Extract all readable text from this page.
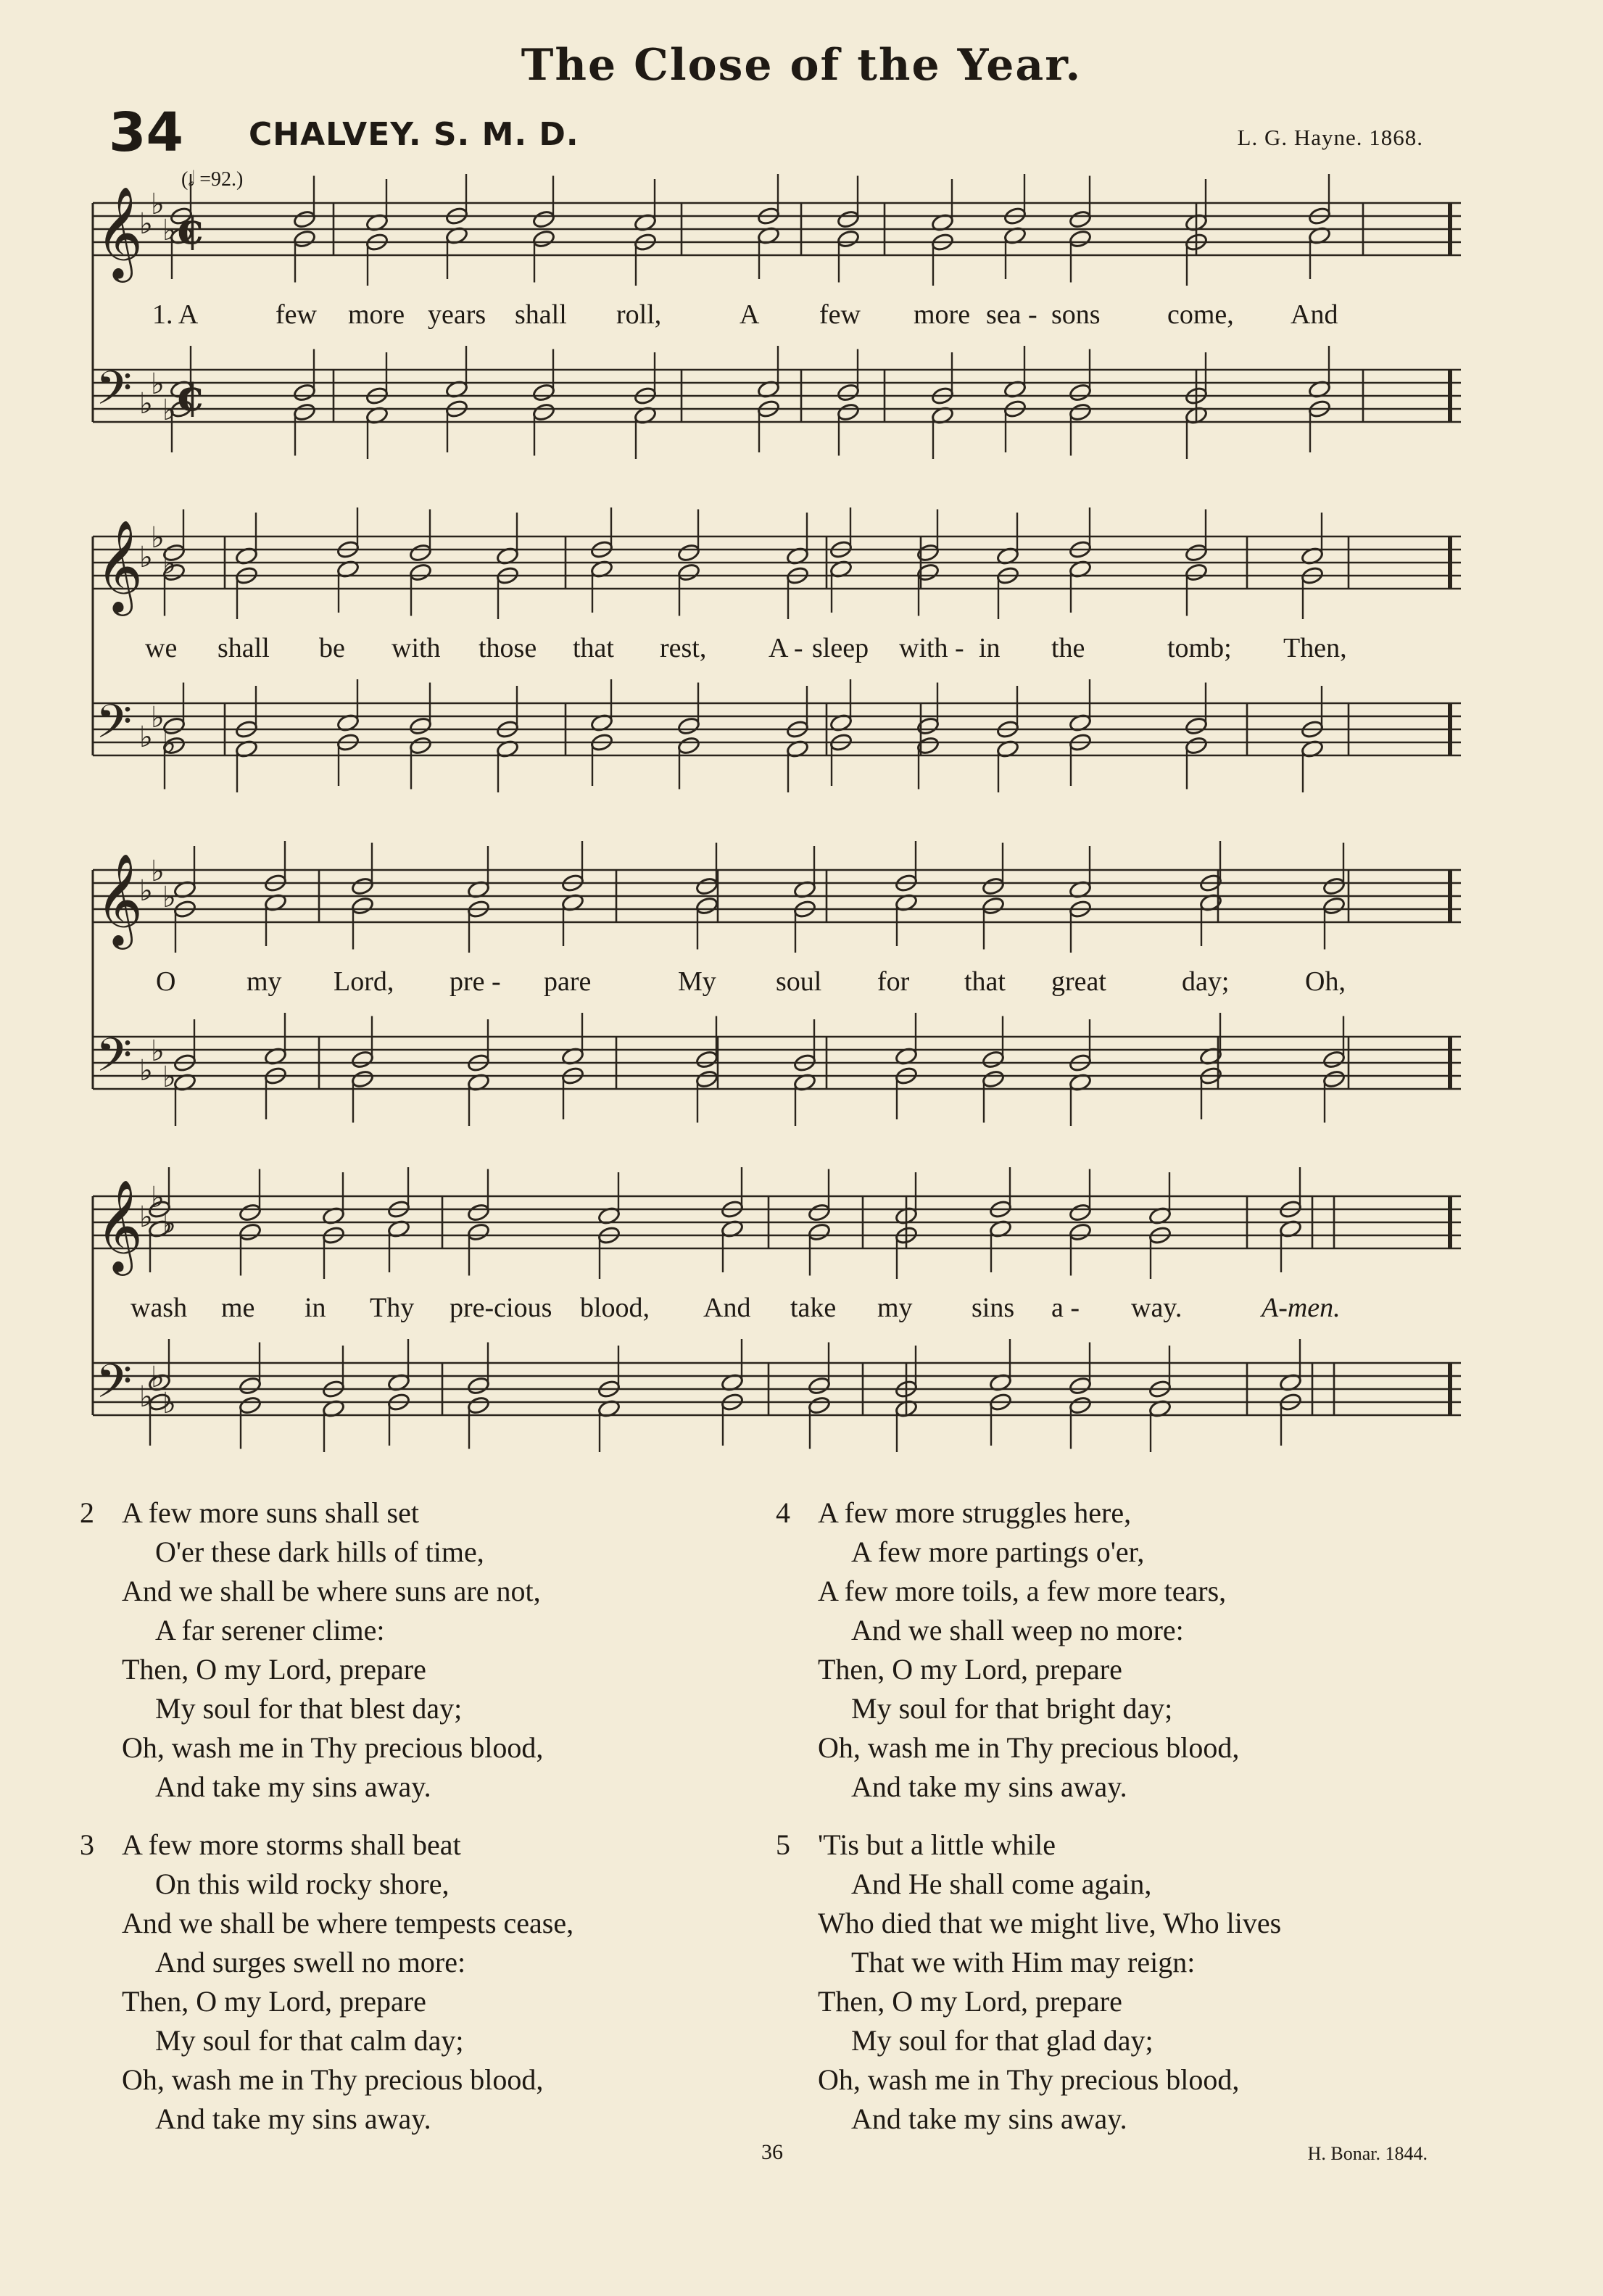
The Close of the Year.
34 CHALVEY. S. M. D.	L. G. Hayne. 1868.
(𝅗𝅥 =92.)
𝄞
♭
♭
♭ ¢
𝄢 ♭
♭
♭ ¢
1. A	few more years shall roll,	A few more sea - sons come, And
𝄞
♭
♭
♭
𝄢 ♭
♭
♭
we shall be with those that rest, A - sleep with - in the	tomb; Then,
𝄞
♭
♭
♭
𝄢 ♭
♭
♭
O	my Lord, pre - pare	My soul for that great	day;	Oh,
𝄞
♭
♭
♭
𝄢 ♭
♭
♭
wash me in Thy pre-cious blood, And take my sins a - way.	A-men.
2 A few more suns shall set
O'er these dark hills of time,
And we shall be where suns are not,
A far serener clime:
Then, O my Lord, prepare
My soul for that blest day;
Oh, wash me in Thy precious blood,
And take my sins away.
3 A few more storms shall beat
On this wild rocky shore,
And we shall be where tempests cease,
And surges swell no more:
Then, O my Lord, prepare
My soul for that calm day;
Oh, wash me in Thy precious blood,
And take my sins away.
4 A few more struggles here,
A few more partings o'er,
A few more toils, a few more tears,
And we shall weep no more:
Then, O my Lord, prepare
My soul for that bright day;
Oh, wash me in Thy precious blood,
And take my sins away.
5 'Tis but a little while
And He shall come again,
Who died that we might live, Who lives
That we with Him may reign:
Then, O my Lord, prepare
My soul for that glad day;
Oh, wash me in Thy precious blood,
And take my sins away.
36	H. Bonar. 1844.
